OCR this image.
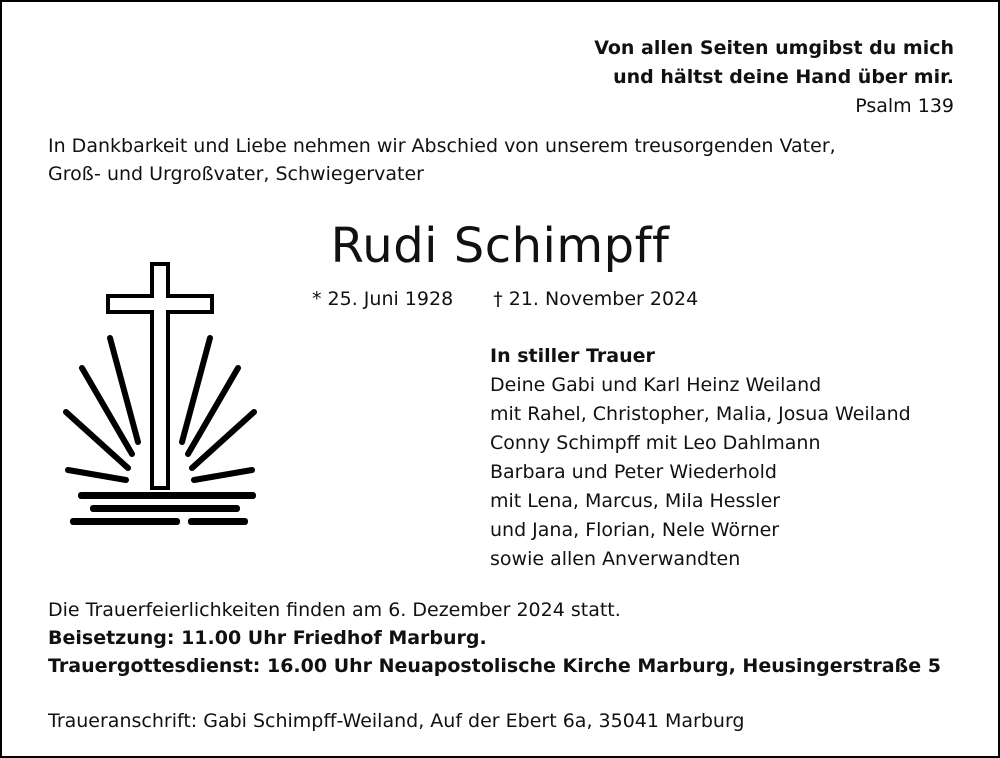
Von allen Seiten umgibst du mich
und hältst deine Hand über mir.
Psalm 139
In Dankbarkeit und Liebe nehmen wir Abschied von unserem treusorgenden Vater,
Groß- und Urgroßvater, Schwiegervater
Rudi Schimpff
* 25. Juni 1928 † 21. November 2024
In stiller Trauer
Deine Gabi und Karl Heinz Weiland
mit Rahel, Christopher, Malia, Josua Weiland
Conny Schimpff mit Leo Dahlmann
Barbara und Peter Wiederhold
mit Lena, Marcus, Mila Hessler
und Jana, Florian, Nele Wörner
sowie allen Anverwandten
Die Trauerfeierlichkeiten finden am 6. Dezember 2024 statt.
Beisetzung: 11.00 Uhr Friedhof Marburg.
Trauergottesdienst: 16.00 Uhr Neuapostolische Kirche Marburg, Heusingerstraße 5
Traueranschrift: Gabi Schimpff-Weiland, Auf der Ebert 6a, 35041 Marburg
